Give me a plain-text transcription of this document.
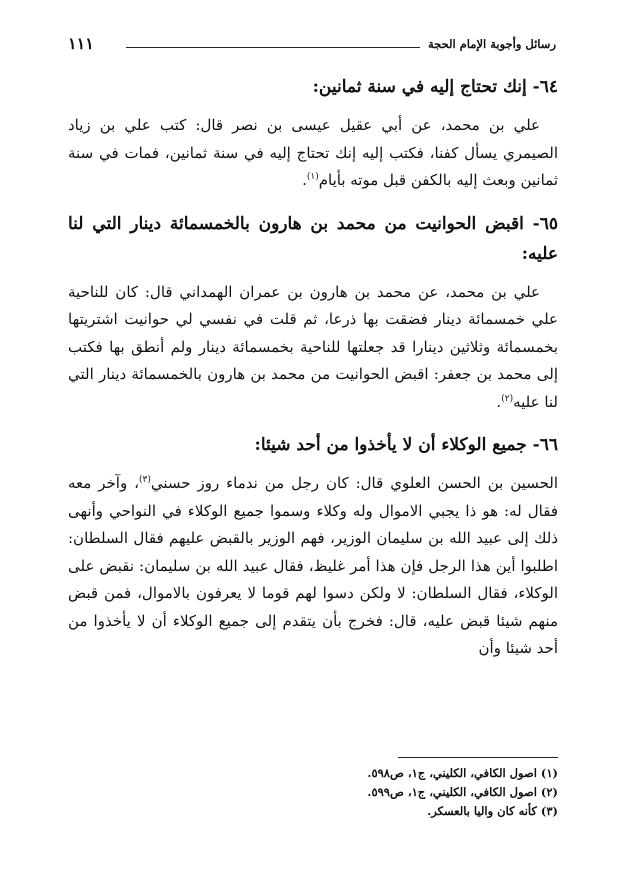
رسائل وأجوبة الإمام الحجة
١١١
٦٤- إنك تحتاج إليه في سنة ثمانين:

علي بن محمد، عن أبي عقيل عيسى بن نصر قال: كتب علي بن زياد الصيمري يسأل كفنا، فكتب إليه إنك تحتاج إليه في سنة ثمانين، فمات في سنة ثمانين وبعث إليه بالكفن قبل موته بأيام$^{(١)}$.

٦٥- اقبض الحوانيت من محمد بن هارون بالخمسمائة دينار التي لنا عليه:

علي بن محمد، عن محمد بن هارون بن عمران الهمداني قال: كان للناحية علي خمسمائة دينار فضقت بها ذرعا، ثم قلت في نفسي لي حوانيت اشتريتها بخمسمائة وثلاثين دينارا قد جعلتها للناحية بخمسمائة دينار ولم أنطق بها فكتب إلى محمد بن جعفر: اقبض الحوانيت من محمد بن هارون بالخمسمائة دينار التي لنا عليه$^{(٢)}$.

٦٦- جميع الوكلاء أن لا يأخذوا من أحد شيئا:

الحسين بن الحسن العلوي قال: كان رجل من ندماء روز حسني$^{(٣)}$، وآخر معه فقال له: هو ذا يجبي الاموال وله وكلاء وسموا جميع الوكلاء في النواحي وأنهى ذلك إلى عبيد الله بن سليمان الوزير، فهم الوزير بالقبض عليهم فقال السلطان: اطلبوا أين هذا الرجل فإن هذا أمر غليظ، فقال عبيد الله بن سليمان: نقبض على الوكلاء، فقال السلطان: لا ولكن دسوا لهم قوما لا يعرفون بالاموال، فمن قبض منهم شيئا قبض عليه، قال: فخرج بأن يتقدم إلى جميع الوكلاء أن لا يأخذوا من أحد شيئا وأن

(١) اصول الكافي، الكليني، ج١، ص٥٩٨.
(٢) اصول الكافي، الكليني، ج١، ص٥٩٩.
(٣) كأنه كان واليا بالعسكر.
